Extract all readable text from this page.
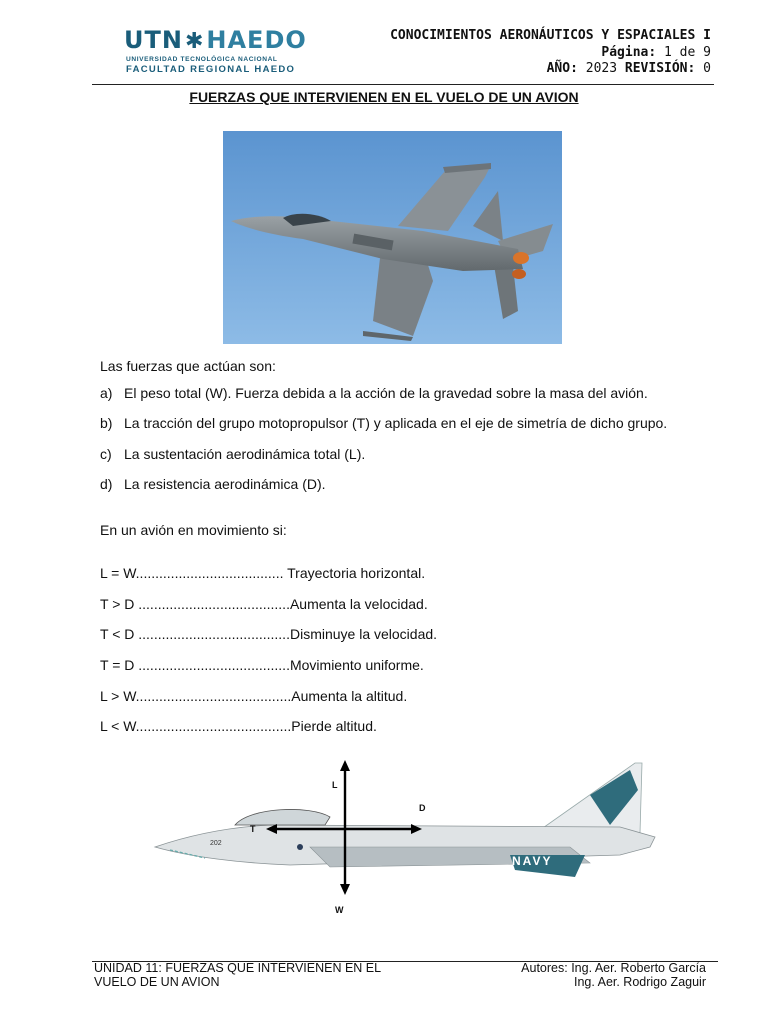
UTN✱HAEDO
UNIVERSIDAD TECNOLÓGICA NACIONAL
FACULTAD REGIONAL HAEDO
CONOCIMIENTOS AERONÁUTICOS Y ESPACIALES I
Página: 1 de 9
AÑO: 2023 REVISIÓN: 0
FUERZAS QUE INTERVIENEN EN EL VUELO DE UN AVION
Las fuerzas que actúan son:
a) El peso total (W). Fuerza debida a la acción de la gravedad sobre la masa del avión.
b) La tracción del grupo motopropulsor (T) y aplicada en el eje de simetría de dicho grupo.
c) La sustentación aerodinámica total (L).
d) La resistencia aerodinámica (D).
En un avión en movimiento si:
L = W...................................... Trayectoria horizontal.
T > D .......................................Aumenta la velocidad.
T < D .......................................Disminuye la velocidad.
T = D .......................................Movimiento uniforme.
L > W........................................Aumenta la altitud.
L < W........................................Pierde altitud.
NAVY
202
L
D
T
W
UNIDAD 11: FUERZAS QUE INTERVIENEN EN EL
VUELO DE UN AVION
Autores: Ing. Aer. Roberto García
Ing. Aer. Rodrigo Zaguir
